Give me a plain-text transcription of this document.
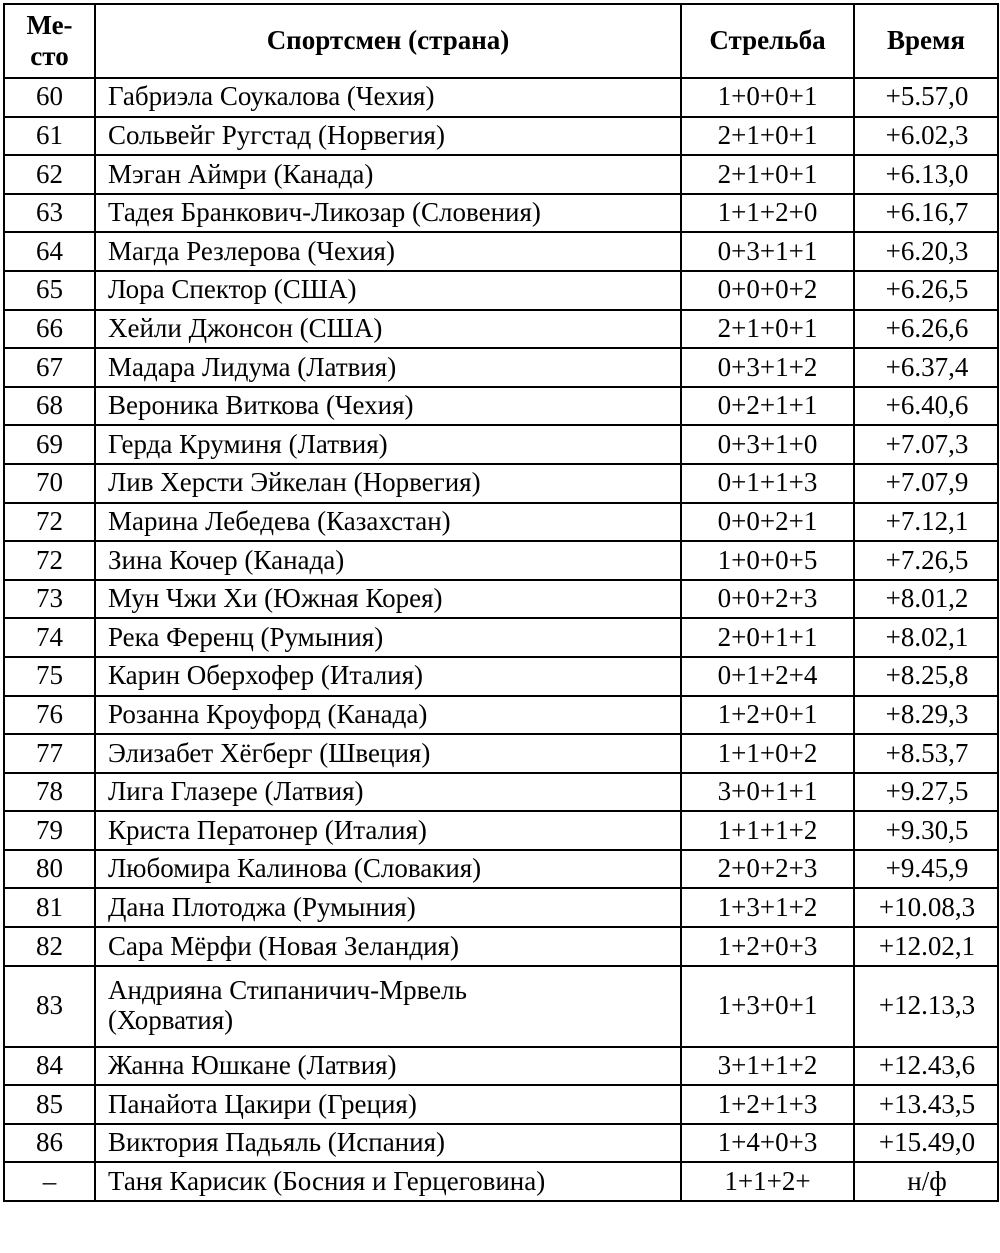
Ме-
сто	Спортсмен (страна)	Стрельба	Время
60	Габриэла Соукалова (Чехия)	1+0+0+1	+5.57,0
61	Сольвейг Ругстад (Норвегия)	2+1+0+1	+6.02,3
62	Мэган Аймри (Канада)	2+1+0+1	+6.13,0
63	Тадея Бранкович-Ликозар (Словения)	1+1+2+0	+6.16,7
64	Магда Резлерова (Чехия)	0+3+1+1	+6.20,3
65	Лора Спектор (США)	0+0+0+2	+6.26,5
66	Хейли Джонсон (США)	2+1+0+1	+6.26,6
67	Мадара Лидума (Латвия)	0+3+1+2	+6.37,4
68	Вероника Виткова (Чехия)	0+2+1+1	+6.40,6
69	Герда Круминя (Латвия)	0+3+1+0	+7.07,3
70	Лив Херсти Эйкелан (Норвегия)	0+1+1+3	+7.07,9
72	Марина Лебедева (Казахстан)	0+0+2+1	+7.12,1
72	Зина Кочер (Канада)	1+0+0+5	+7.26,5
73	Мун Чжи Хи (Южная Корея)	0+0+2+3	+8.01,2
74	Река Ференц (Румыния)	2+0+1+1	+8.02,1
75	Карин Оберхофер (Италия)	0+1+2+4	+8.25,8
76	Розанна Кроуфорд (Канада)	1+2+0+1	+8.29,3
77	Элизабет Хёгберг (Швеция)	1+1+0+2	+8.53,7
78	Лига Глазере (Латвия)	3+0+1+1	+9.27,5
79	Криста Ператонер (Италия)	1+1+1+2	+9.30,5
80	Любомира Калинова (Словакия)	2+0+2+3	+9.45,9
81	Дана Плотоджа (Румыния)	1+3+1+2	+10.08,3
82	Сара Мёрфи (Новая Зеландия)	1+2+0+3	+12.02,1
83	Андрияна Стипаничич-Мрвель
(Хорватия)	1+3+0+1	+12.13,3
84	Жанна Юшкане (Латвия)	3+1+1+2	+12.43,6
85	Панайота Цакири (Греция)	1+2+1+3	+13.43,5
86	Виктория Падьяль (Испания)	1+4+0+3	+15.49,0
–	Таня Карисик (Босния и Герцеговина)	1+1+2+	н/ф
